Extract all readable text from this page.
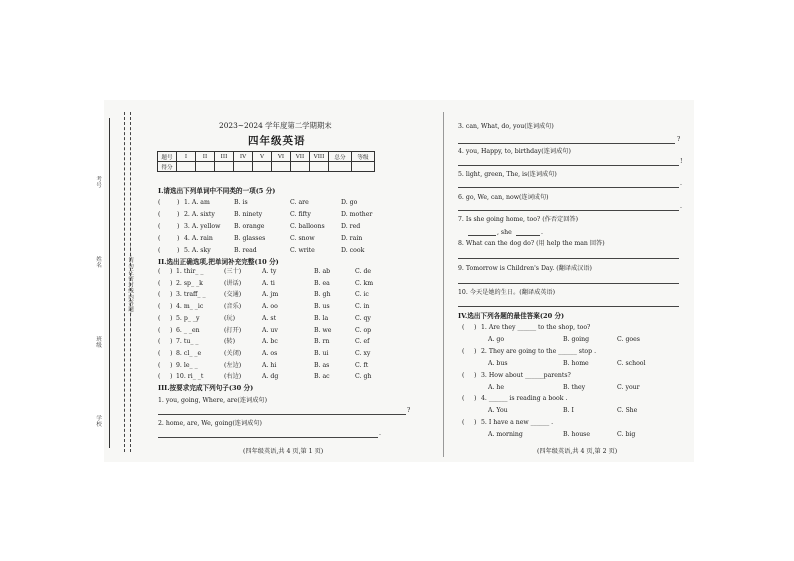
—→请勿在密封线内答题←—
考号
姓名
班级
学校
2023~2024 学年度第二学期期末
四年级英语
题号	I	II	III	IV	V	VI	VII	VIII	总分	等级
得分										
I.请选出下列单词中不同类的一项(5 分)
(	) 1. A. am	B. is	C. are	D. go
(	) 2. A. sixty	B. ninety	C. fifty	D. mother
(	) 3. A. yellow B. orange	C. balloons	D. red
(	) 4. A. rain	B. glasses	C. snow	D. rain
(	) 5. A. sky	B. read	C. write	D. cook
II.选出正确选项,把单词补充完整(10 分)
( ) 1. thir_ _	(三十)	A. ty	B. ab	C. de
( ) 2. sp_ _k	(讲话)	A. ti	B. ea	C. km
( ) 3. traff_ _	(交通)	A. jm	B. gh	C. ic
( ) 4. m_ _ic	(音乐)	A. oo	B. us	C. in
( ) 5. p_ _y	(玩)	A. st	B. la	C. qy
( ) 6. _ _en	(打开)	A. uv	B. we	C. op
( ) 7. tu_ _	(转)	A. bc	B. rn	C. ef
( ) 8. cl_ _e	(关闭)	A. os	B. ui	C. xy
( ) 9. le_ _	(左边)	A. hi	B. as	C. ft
( ) 10. ri_ _t	(右边)	A. dg	B. ac	C. gh
III.按要求完成下列句子(30 分)
1. you, going, Where, are(连词成句)
?
2. home, are, We, going(连词成句)
.
(四年级英语,共 4 页,第 1 页)
3. can, What, do, you(连词成句)
?
4. you, Happy, to, birthday(连词成句)
!
5. light, green, The, is(连词成句)
.
6. go, We, can, now(连词成句)
.
7. Is she going home, too? (作否定回答)
, she	.
8. What can the dog do? (用 help the man 回答)
9. Tomorrow is Children's Day. (翻译成汉语)
10. 今天是她的生日。(翻译成英语)
IV.选出下列各题的最佳答案(20 分)
( ) 1. Are they ______ to the shop, too?
A. go	B. going	C. goes
( ) 2. They are going to the ______ stop .
A. bus	B. home	C. school
( ) 3. How about ______parents?
A. he	B. they	C. your
( ) 4. ______ is reading a book .
A. You	B. I	C. She
( ) 5. I have a new ______ .
A. morning	B. house	C. big
(四年级英语,共 4 页,第 2 页)
